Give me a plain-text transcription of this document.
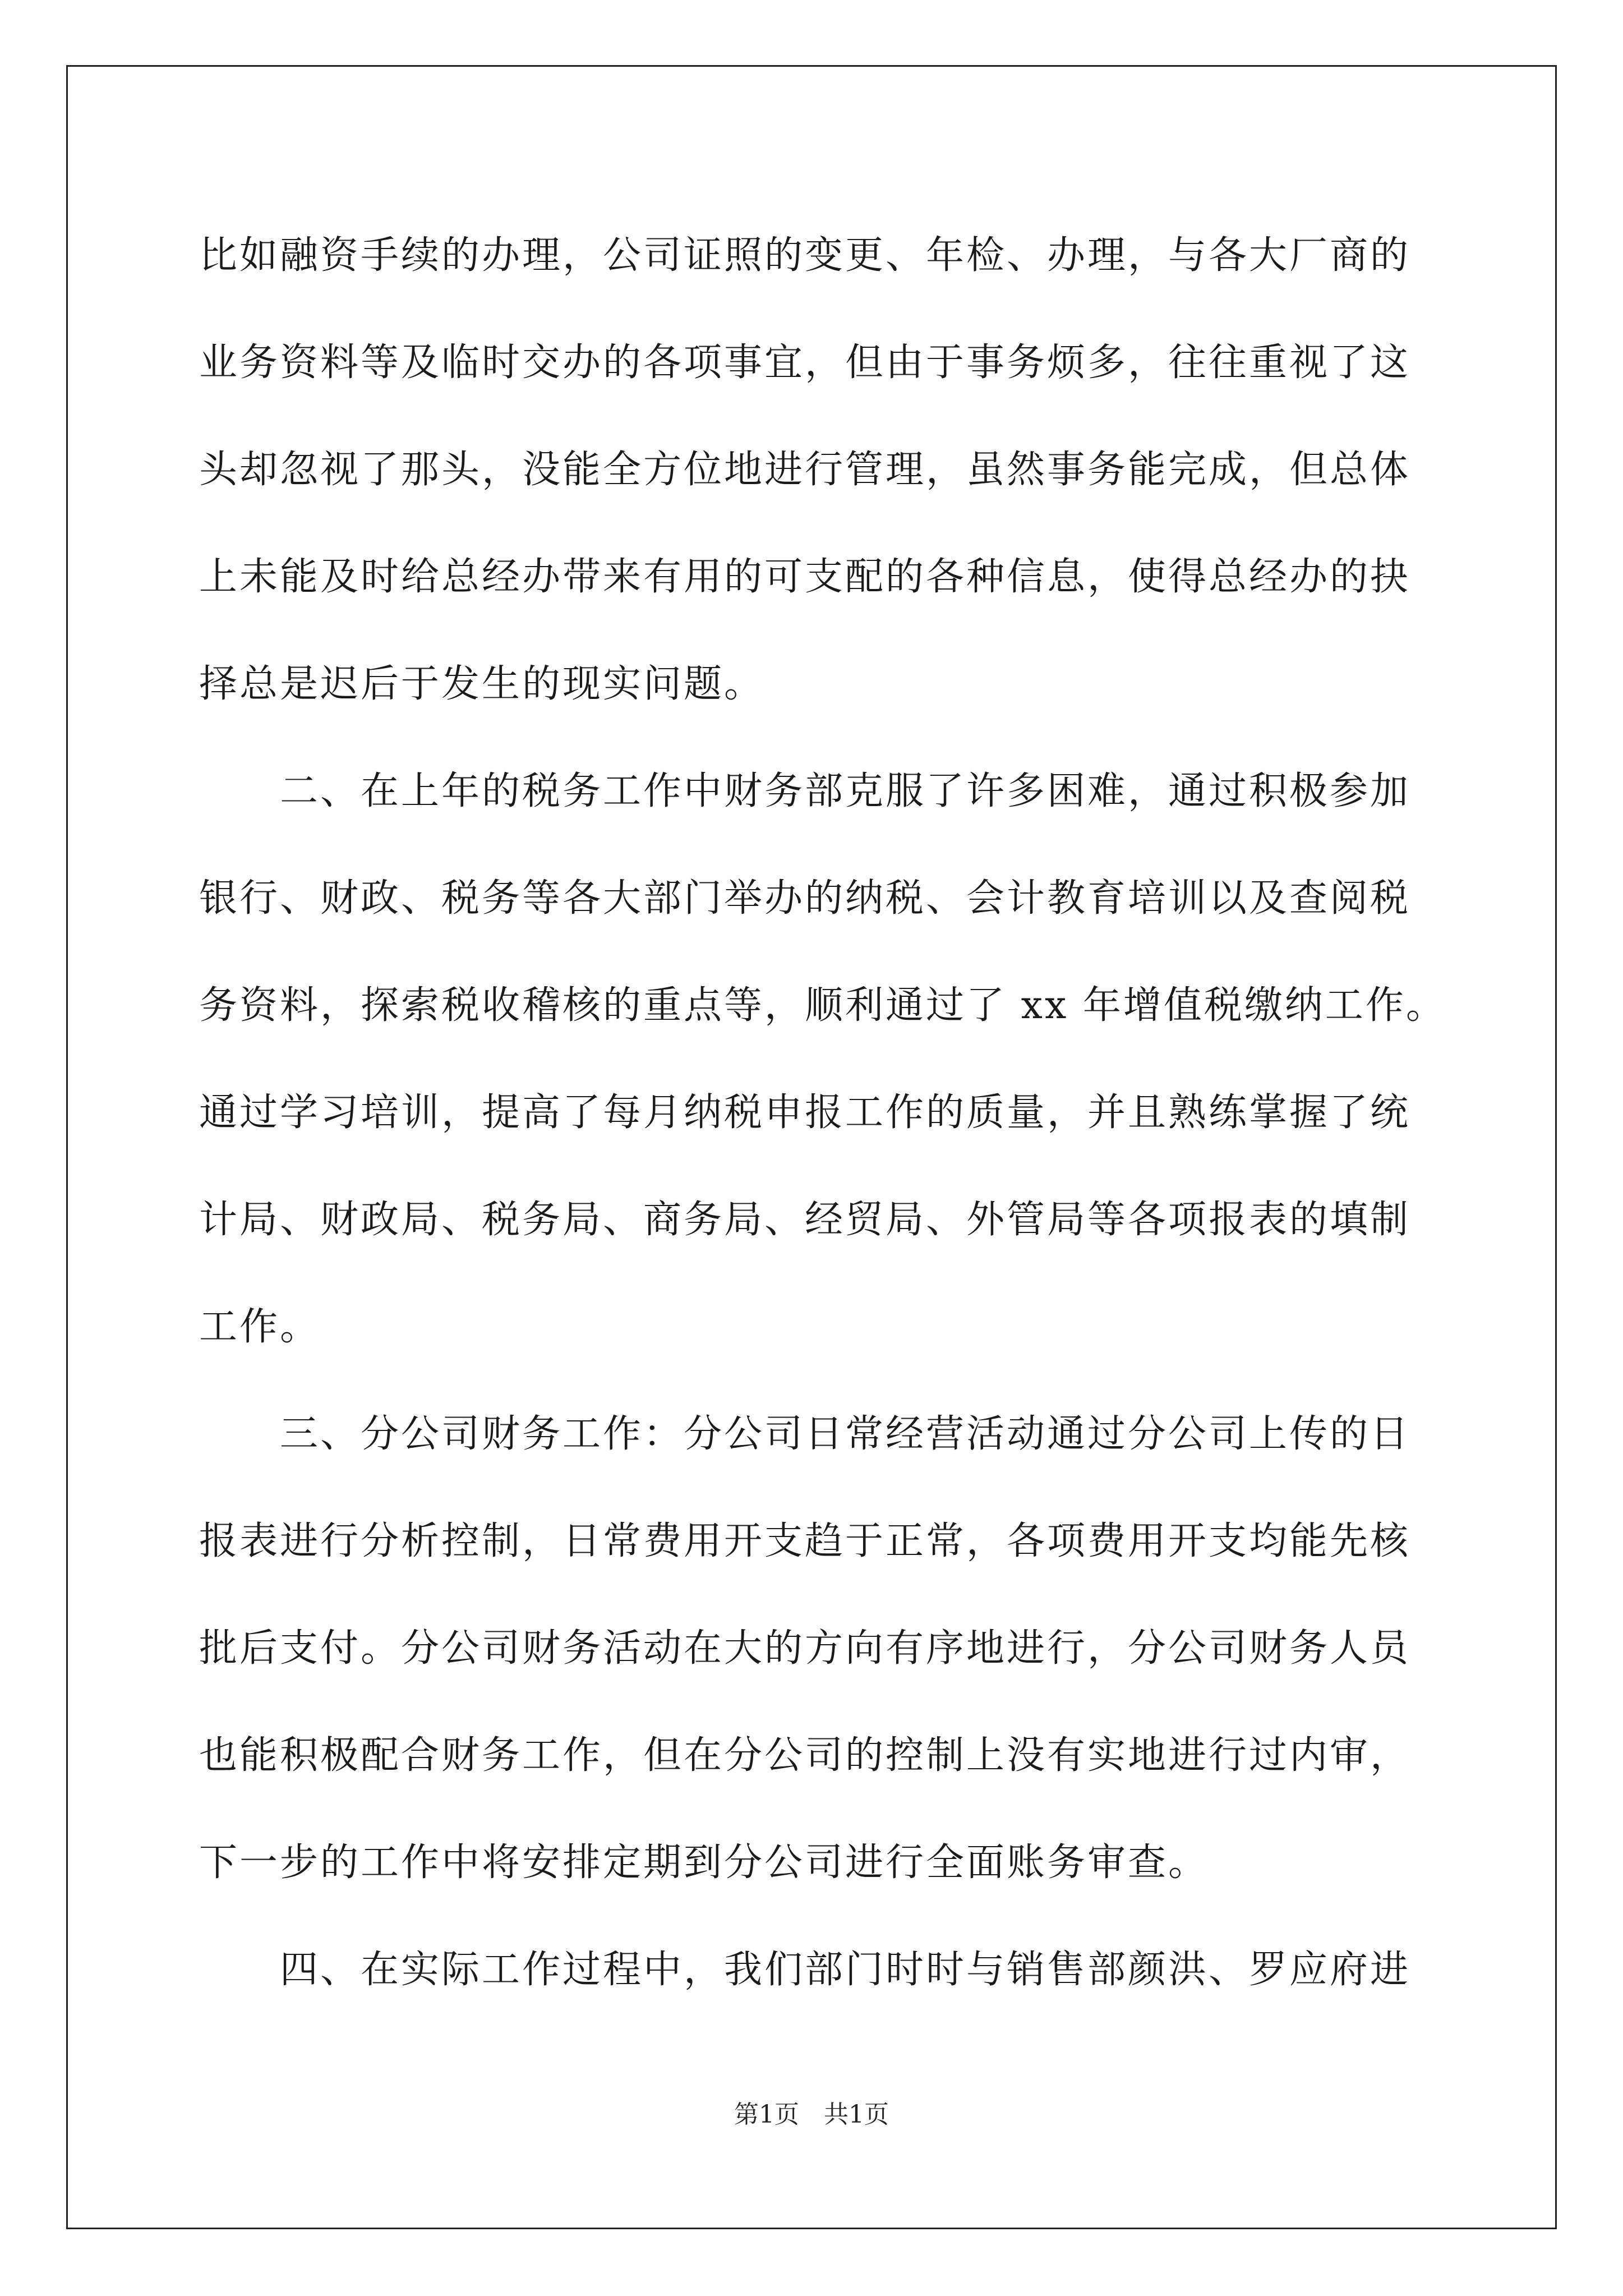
比如融资手续的办理，公司证照的变更、年检、办理，与各大厂商的
业务资料等及临时交办的各项事宜，但由于事务烦多，往往重视了这
头却忽视了那头，没能全方位地进行管理，虽然事务能完成，但总体
上未能及时给总经办带来有用的可支配的各种信息，使得总经办的抉
择总是迟后于发生的现实问题。
　　二、在上年的税务工作中财务部克服了许多困难，通过积极参加
银行、财政、税务等各大部门举办的纳税、会计教育培训以及查阅税
务资料，探索税收稽核的重点等，顺利通过了 xx 年增值税缴纳工作。
通过学习培训，提高了每月纳税申报工作的质量，并且熟练掌握了统
计局、财政局、税务局、商务局、经贸局、外管局等各项报表的填制
工作。
　　三、分公司财务工作：分公司日常经营活动通过分公司上传的日
报表进行分析控制，日常费用开支趋于正常，各项费用开支均能先核
批后支付。分公司财务活动在大的方向有序地进行，分公司财务人员
也能积极配合财务工作，但在分公司的控制上没有实地进行过内审，
下一步的工作中将安排定期到分公司进行全面账务审查。
　　四、在实际工作过程中，我们部门时时与销售部颜洪、罗应府进
第1页　共1页
